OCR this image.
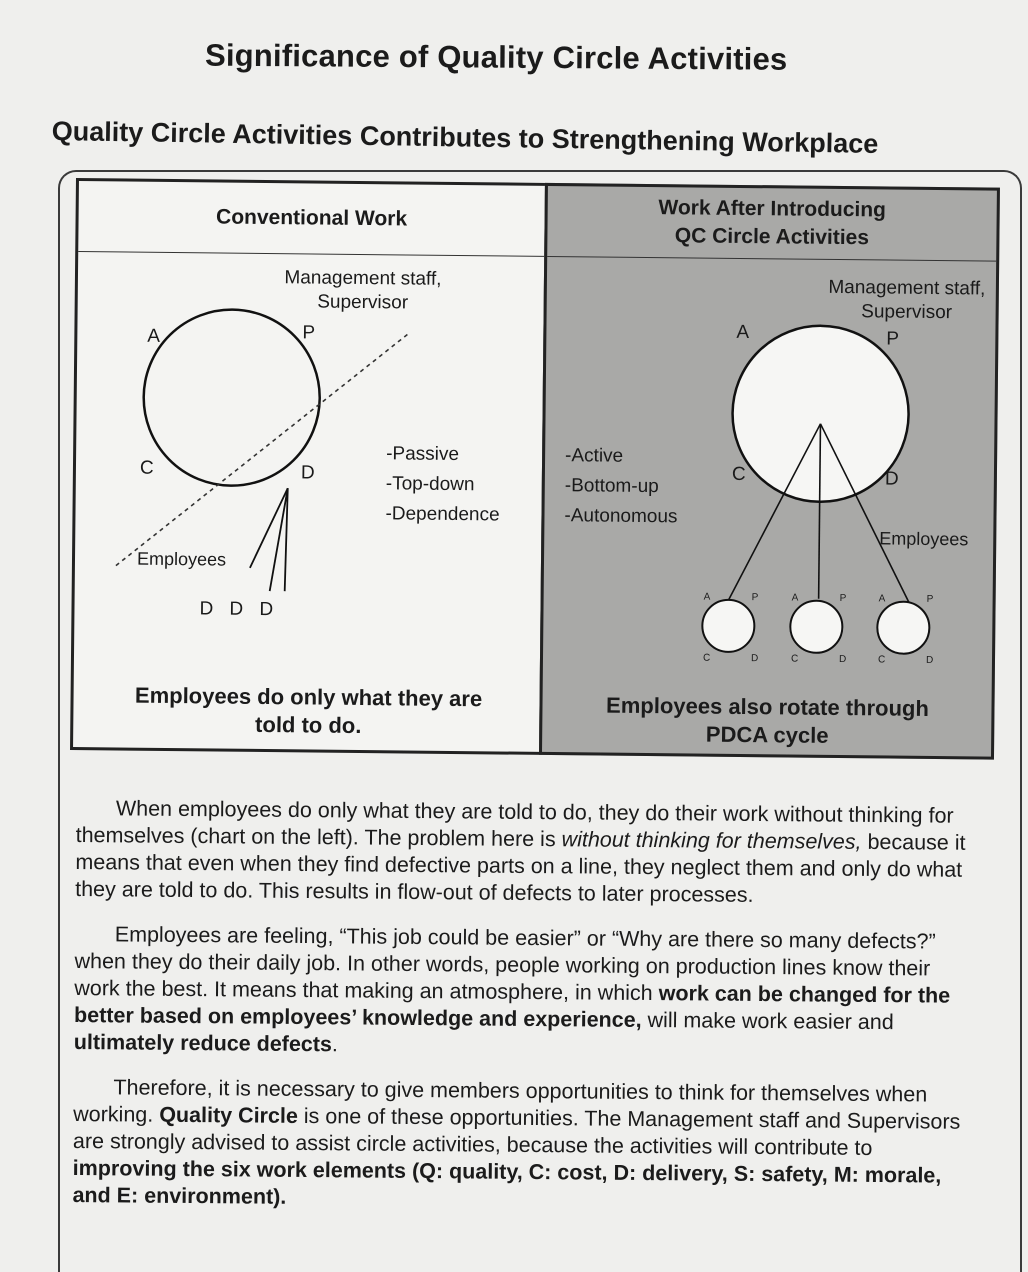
Significance of Quality Circle Activities
Quality Circle Activities Contributes to Strengthening Workplace
Conventional Work
Management staff,
Supervisor
A	P
C	D
Employees
D D D
-Passive
-Top-down
-Dependence
Employees do only what they are
told to do.
Work After Introducing
QC Circle Activities
Management staff,
Supervisor
A	P
C	D
Employees
-Active
-Bottom-up
-Autonomous
A	P
C	D
A	P
C	D
A	P
C	D
Employees also rotate through
PDCA cycle

When employees do only what they are told to do, they do their work without thinking for themselves (chart on the left). The problem here is without thinking for themselves, because it means that even when they find defective parts on a line, they neglect them and only do what they are told to do. This results in flow-out of defects to later processes.

Employees are feeling, “This job could be easier” or “Why are there so many defects?” when they do their daily job. In other words, people working on production lines know their work the best. It means that making an atmosphere, in which work can be changed for the better based on employees’ knowledge and experience, will make work easier and ultimately reduce defects.

Therefore, it is necessary to give members opportunities to think for themselves when working. Quality Circle is one of these opportunities. The Management staff and Supervisors are strongly advised to assist circle activities, because the activities will contribute to improving the six work elements (Q: quality, C: cost, D: delivery, S: safety, M: morale, and E: environment).
